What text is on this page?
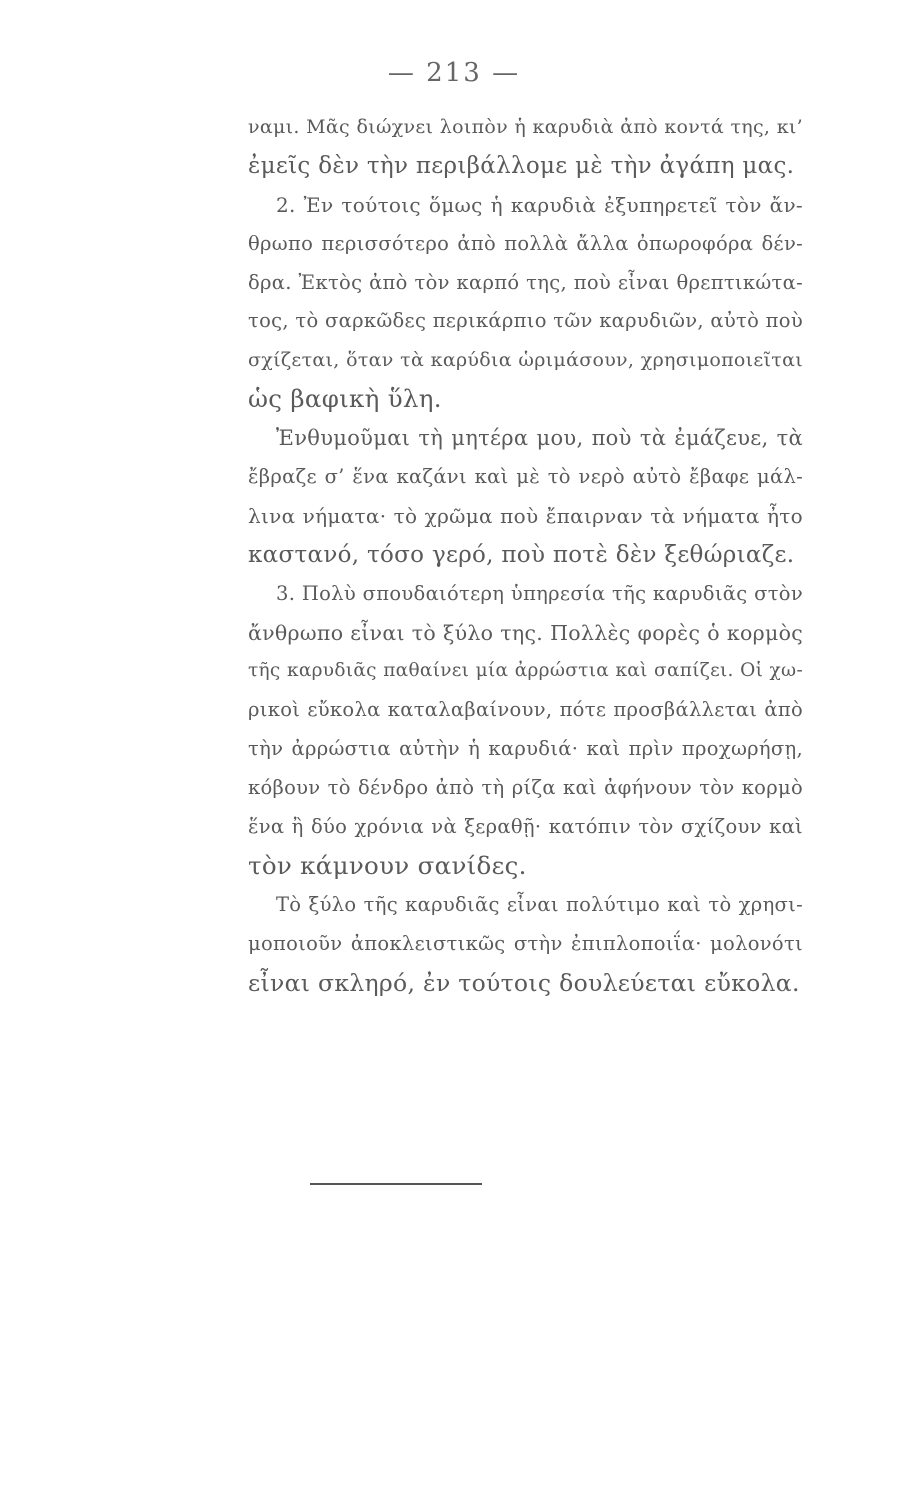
— 213 —
ναμι. Μᾶς διώχνει λοιπὸν ἡ καρυδιὰ ἀπὸ κοντά της, κι’
ἐμεῖς δὲν τὴν περιβάλλομε μὲ τὴν ἀγάπη μας.
2. Ἐν τούτοις ὅμως ἡ καρυδιὰ ἐξυπηρετεῖ τὸν ἄν-
θρωπο περισσότερο ἀπὸ πολλὰ ἄλλα ὀπωροφόρα δέν-
δρα. Ἐκτὸς ἀπὸ τὸν καρπό της, ποὺ εἶναι θρεπτικώτα-
τος, τὸ σαρκῶδες περικάρπιο τῶν καρυδιῶν, αὐτὸ ποὺ
σχίζεται, ὅταν τὰ καρύδια ὡριμάσουν, χρησιμοποιεῖται
ὡς βαφικὴ ὕλη.
Ἐνθυμοῦμαι τὴ μητέρα μου, ποὺ τὰ ἐμάζευε, τὰ
ἔβραζε σ’ ἕνα καζάνι καὶ μὲ τὸ νερὸ αὐτὸ ἔβαφε μάλ-
λινα νήματα· τὸ χρῶμα ποὺ ἔπαιρναν τὰ νήματα ἦτο
καστανό, τόσο γερό, ποὺ ποτὲ δὲν ξεθώριαζε.
3. Πολὺ σπουδαιότερη ὑπηρεσία τῆς καρυδιᾶς στὸν
ἄνθρωπο εἶναι τὸ ξύλο της. Πολλὲς φορὲς ὁ κορμὸς
τῆς καρυδιᾶς παθαίνει μία ἀρρώστια καὶ σαπίζει. Οἱ χω-
ρικοὶ εὔκολα καταλαβαίνουν, πότε προσβάλλεται ἀπὸ
τὴν ἀρρώστια αὐτὴν ἡ καρυδιά· καὶ πρὶν προχωρήσῃ,
κόβουν τὸ δένδρο ἀπὸ τὴ ρίζα καὶ ἀφήνουν τὸν κορμὸ
ἕνα ἢ δύο χρόνια νὰ ξεραθῇ· κατόπιν τὸν σχίζουν καὶ
τὸν κάμνουν σανίδες.
Τὸ ξύλο τῆς καρυδιᾶς εἶναι πολύτιμο καὶ τὸ χρησι-
μοποιοῦν ἀποκλειστικῶς στὴν ἐπιπλοποιΐα· μολονότι
εἶναι σκληρό, ἐν τούτοις δουλεύεται εὔκολα.
